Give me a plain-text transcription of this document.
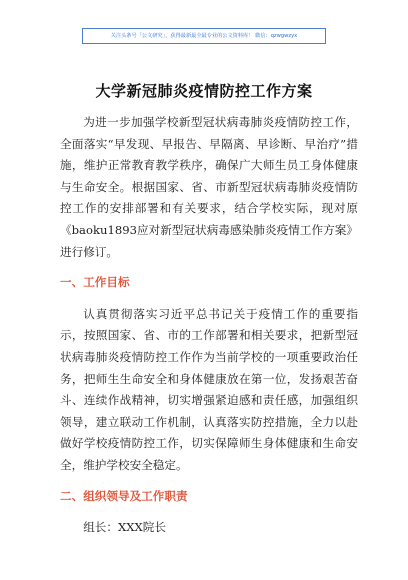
关注头条号「公文研究」，获得最新最全最专业的公文资料库！ 微信：qzwgwzyx
大学新冠肺炎疫情防控工作方案

为进一步加强学校新型冠状病毒肺炎疫情防控工作，全面落实“早发现、早报告、早隔离、早诊断、早治疗”措施，维护正常教育教学秩序，确保广大师生员工身体健康与生命安全。根据国家、省、市新型冠状病毒肺炎疫情防控工作的安排部署和有关要求，结合学校实际，现对原《baoku1893应对新型冠状病毒感染肺炎疫情工作方案》进行修订。

一、工作目标

认真贯彻落实习近平总书记关于疫情工作的重要指示，按照国家、省、市的工作部署和相关要求，把新型冠状病毒肺炎疫情防控工作作为当前学校的一项重要政治任务，把师生生命安全和身体健康放在第一位，发扬艰苦奋斗、连续作战精神，切实增强紧迫感和责任感，加强组织领导，建立联动工作机制，认真落实防控措施，全力以赴做好学校疫情防控工作，切实保障师生身体健康和生命安全，维护学校安全稳定。

二、组织领导及工作职责

组长：XXX院长
